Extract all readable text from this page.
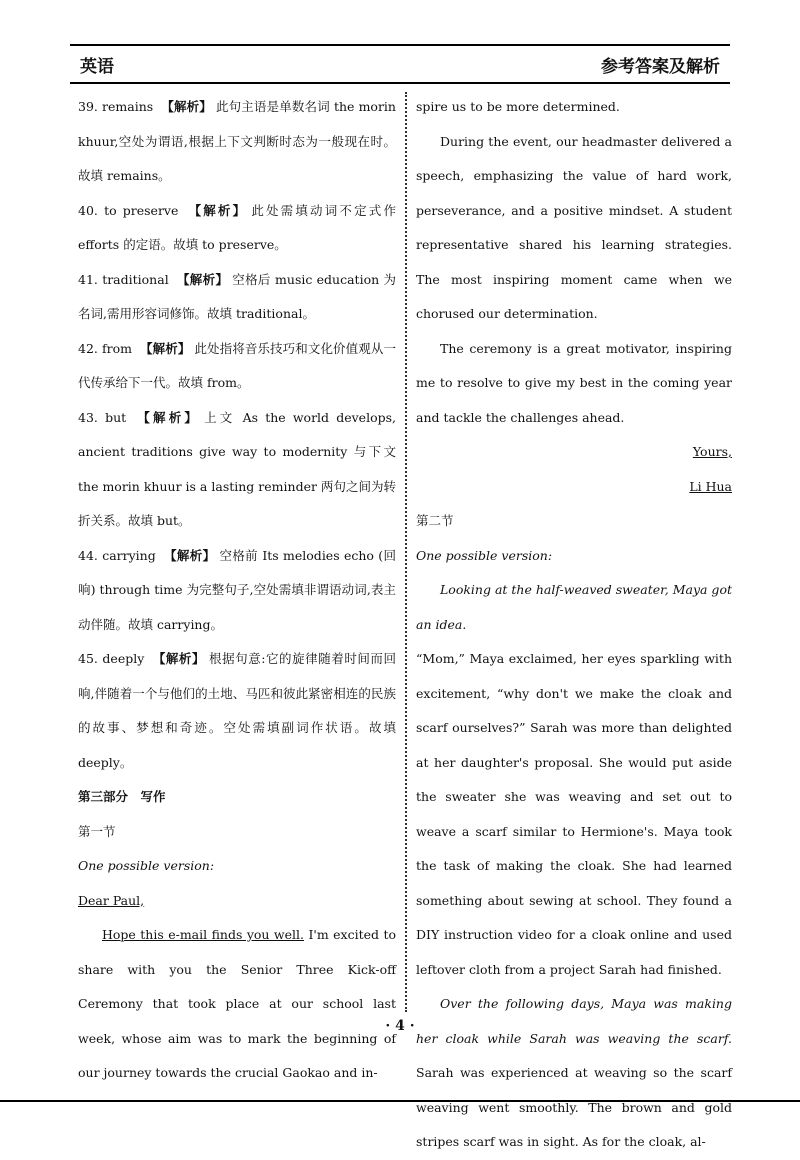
英语	参考答案及解析
39. remains 【解析】 此句主语是单数名词 the morin khuur,空处为谓语,根据上下文判断时态为一般现在时。故填 remains。
40. to preserve 【解析】 此处需填动词不定式作 efforts 的定语。故填 to preserve。
41. traditional 【解析】 空格后 music education 为名词,需用形容词修饰。故填 traditional。
42. from 【解析】 此处指将音乐技巧和文化价值观从一代传承给下一代。故填 from。
43. but 【解析】 上文 As the world develops, ancient traditions give way to modernity 与下文 the morin khuur is a lasting reminder 两句之间为转折关系。故填 but。
44. carrying 【解析】 空格前 Its melodies echo (回响) through time 为完整句子,空处需填非谓语动词,表主动伴随。故填 carrying。
45. deeply 【解析】 根据句意:它的旋律随着时间而回响,伴随着一个与他们的土地、马匹和彼此紧密相连的民族的故事、梦想和奇迹。空处需填副词作状语。故填 deeply。
第三部分　写作
第一节
One possible version:
Dear Paul,
Hope this e-mail finds you well. I'm excited to share with you the Senior Three Kick-off Ceremony that took place at our school last week, whose aim was to mark the beginning of our journey towards the crucial Gaokao and in-
spire us to be more determined.
During the event, our headmaster delivered a speech, emphasizing the value of hard work, perseverance, and a positive mindset. A student representative shared his learning strategies. The most inspiring moment came when we chorused our determination.
The ceremony is a great motivator, inspiring me to resolve to give my best in the coming year and tackle the challenges ahead.
Yours,
Li Hua
第二节
One possible version:
Looking at the half-weaved sweater, Maya got an idea.
“Mom,” Maya exclaimed, her eyes sparkling with excitement, “why don't we make the cloak and scarf ourselves?” Sarah was more than delighted at her daughter's proposal. She would put aside the sweater she was weaving and set out to weave a scarf similar to Hermione's. Maya took the task of making the cloak. She had learned something about sewing at school. They found a DIY instruction video for a cloak online and used leftover cloth from a project Sarah had finished.
Over the following days, Maya was making her cloak while Sarah was weaving the scarf. Sarah was experienced at weaving so the scarf weaving went smoothly. The brown and gold stripes scarf was in sight. As for the cloak, al-
· 4 ·
